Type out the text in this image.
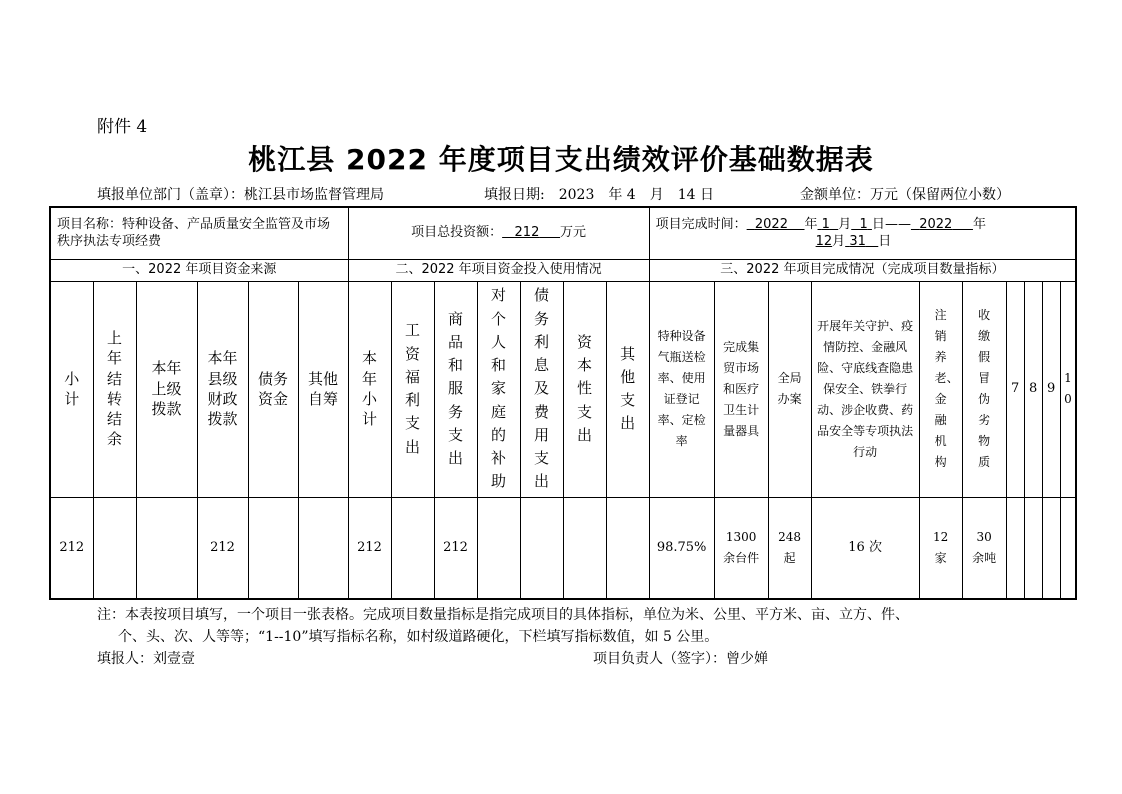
附件 4
桃江县 2022 年度项目支出绩效评价基础数据表
填报单位部门（盖章）：桃江县市场监督管理局	填报日期:　2023　年 4　月　14 日	金额单位：万元（保留两位小数）
项目名称：特种设备、产品质量安全监管及市场秩序执法专项经费						项目总投资额： 212 万元							项目完成时间： 2022 年 1 月 1 日—— 2022 年
12月 31 日									
一、2022 年项目资金来源						二、2022 年项目资金投入使用情况							三、2022 年项目完成情况（完成项目数量指标）									
小计	上年结转结余	本年上级拨款	本年县级财政拨款	债务资金	其他自筹	本年小计	工资福利支出	商品和服务支出	对个人和家庭的补助	债务利息及费用支出	资本性支出	其他支出	特种设备气瓶送检率、使用证登记率、定检率	完成集贸市场和医疗卫生计量器具	全局办案	开展年关守护、疫情防控、金融风险、守底线查隐患保安全、铁拳行动、涉企收费、药品安全等专项执法行动	注销养老、金融机构	收缴假冒伪劣物质	7	8	9	10
212			212			212		212					98.75%	1300余台件	248起	16 次	12家	30余吨				
注：本表按项目填写，一个项目一张表格。完成项目数量指标是指完成项目的具体指标，单位为米、公里、平方米、亩、立方、件、
个、头、次、人等等；“1--10”填写指标名称，如村级道路硬化，下栏填写指标数值，如 5 公里。
填报人：刘壹壹	项目负责人（签字）：曾少婵
